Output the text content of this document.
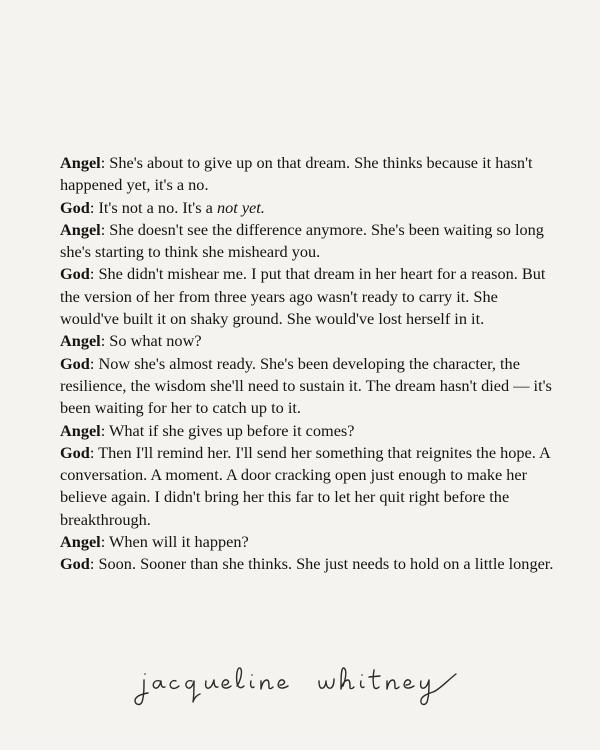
Angel: She's about to give up on that dream. She thinks because it hasn't happened yet, it's a no.

God: It's not a no. It's a not yet.

Angel: She doesn't see the difference anymore. She's been waiting so long she's starting to think she misheard you.

God: She didn't mishear me. I put that dream in her heart for a reason. But the version of her from three years ago wasn't ready to carry it. She would've built it on shaky ground. She would've lost herself in it.

Angel: So what now?

God: Now she's almost ready. She's been developing the character, the resilience, the wisdom she'll need to sustain it. The dream hasn't died — it's been waiting for her to catch up to it.

Angel: What if she gives up before it comes?

God: Then I'll remind her. I'll send her something that reignites the hope. A conversation. A moment. A door cracking open just enough to make her believe again. I didn't bring her this far to let her quit right before the breakthrough.

Angel: When will it happen?

God: Soon. Sooner than she thinks. She just needs to hold on a little longer.
